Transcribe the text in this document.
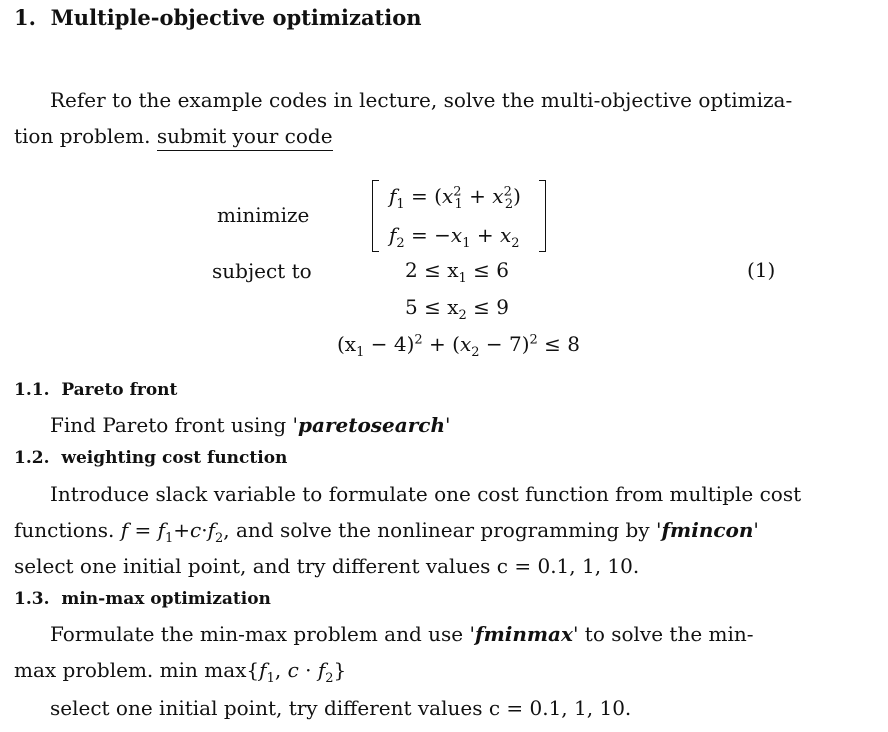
1. Multiple-objective optimization
Refer to the example codes in lecture, solve the multi-objective optimiza-
tion problem. submit your code
minimize
subject to
$f_1 = (x^2_1 + x^2_2)$
$f_2 = -x_1 + x_2$
$2 \le x_1 \le 6$	(1)
$5 \le x_2 \le 9$
$(x_1 - 4)^2 + (x_2 - 7)^2 \le 8$
1.1. Pareto front
Find Pareto front using 'paretosearch'
1.2. weighting cost function
Introduce slack variable to formulate one cost function from multiple cost
functions. $f = f_1+c\cdot f_2$, and solve the nonlinear programming by 'fmincon'
select one initial point, and try different values c = 0.1, 1, 10.
1.3. min-max optimization
Formulate the min-max problem and use 'fminmax' to solve the min-
max problem. $\min \max\{f_1$, $c \cdot f_2$}
select one initial point, try different values c = 0.1, 1, 10.
